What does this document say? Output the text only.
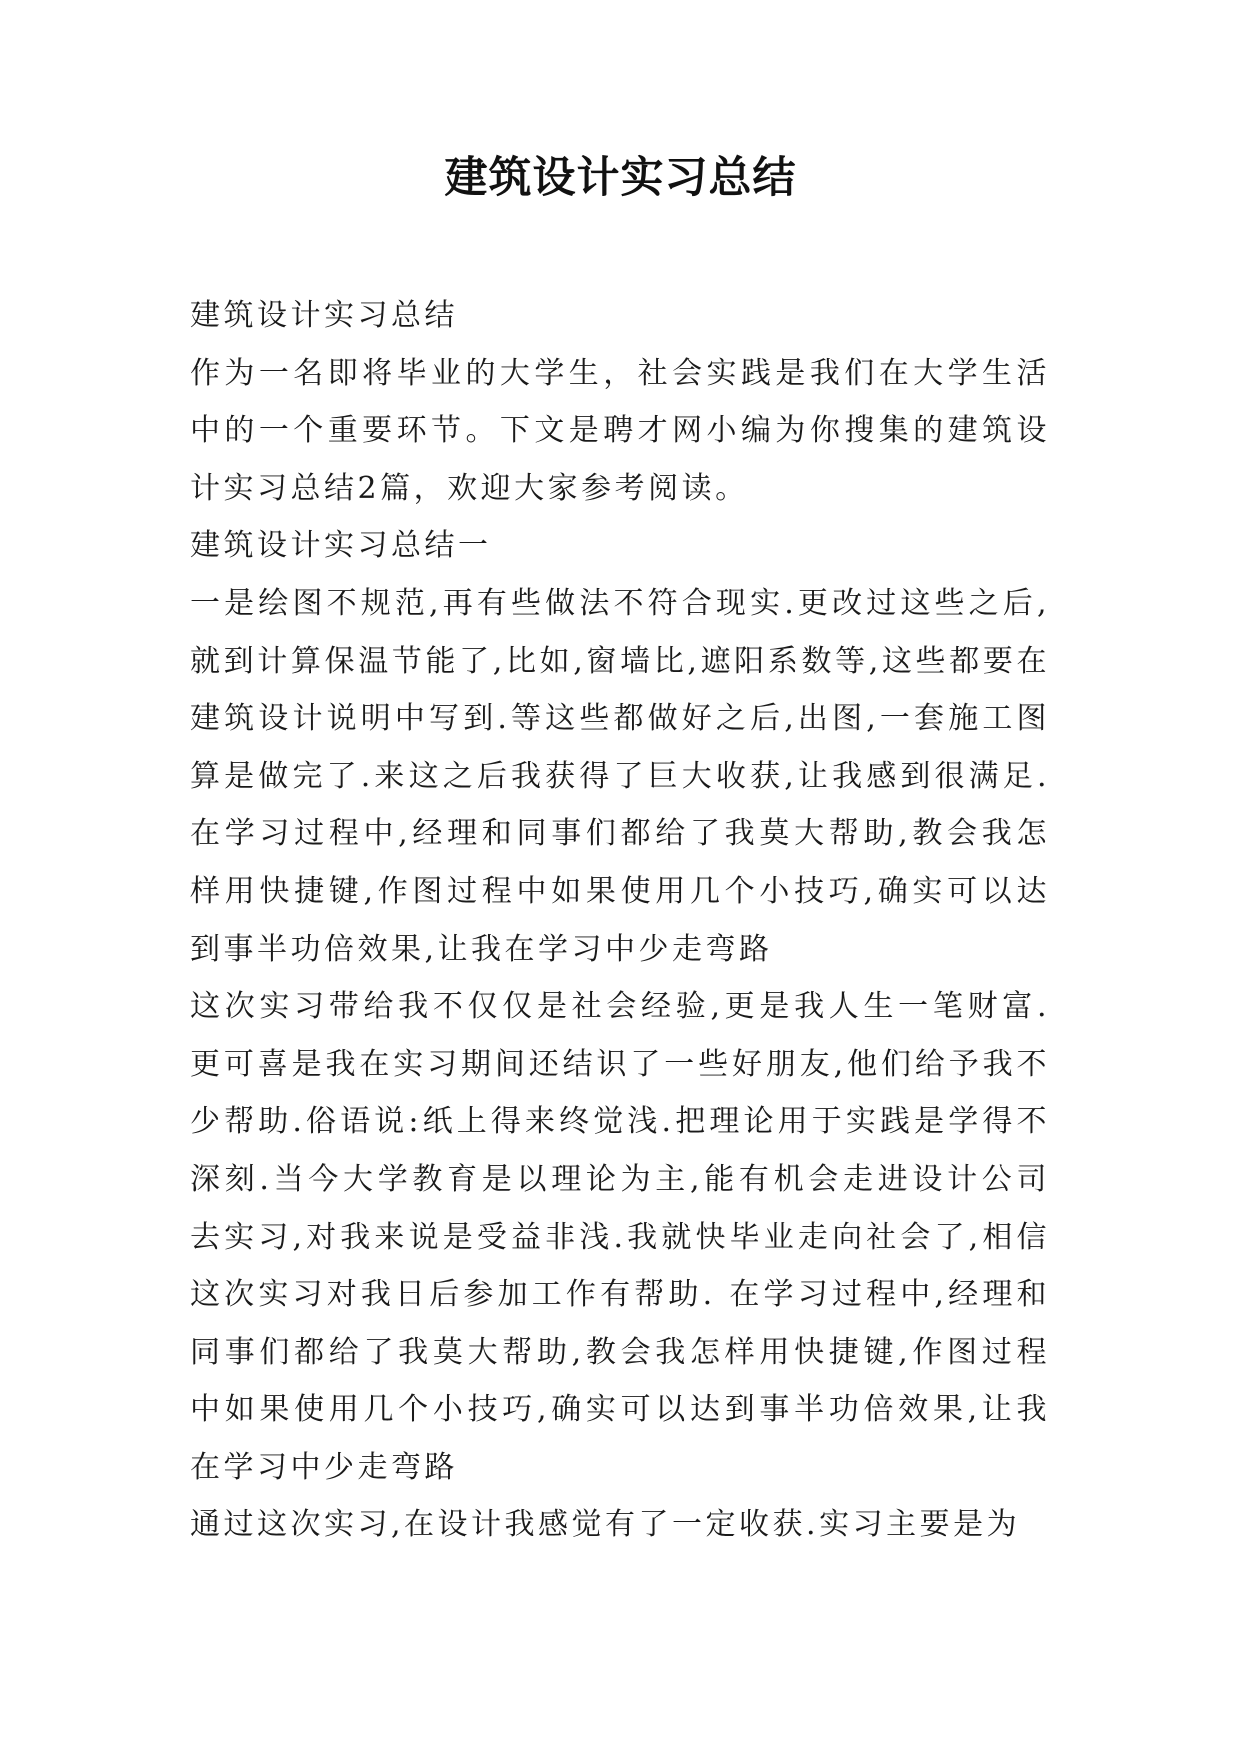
建筑设计实习总结

建筑设计实习总结

作为一名即将毕业的大学生，社会实践是我们在大学生活中的一个重要环节。下文是聘才网小编为你搜集的建筑设计实习总结2篇，欢迎大家参考阅读。

建筑设计实习总结一

一是绘图不规范,再有些做法不符合现实.更改过这些之后,就到计算保温节能了,比如,窗墙比,遮阳系数等,这些都要在建筑设计说明中写到.等这些都做好之后,出图,一套施工图算是做完了.来这之后我获得了巨大收获,让我感到很满足.在学习过程中,经理和同事们都给了我莫大帮助,教会我怎样用快捷键,作图过程中如果使用几个小技巧,确实可以达到事半功倍效果,让我在学习中少走弯路

这次实习带给我不仅仅是社会经验,更是我人生一笔财富.更可喜是我在实习期间还结识了一些好朋友,他们给予我不少帮助.俗语说:纸上得来终觉浅.把理论用于实践是学得不深刻.当今大学教育是以理论为主,能有机会走进设计公司去实习,对我来说是受益非浅.我就快毕业走向社会了,相信这次实习对我日后参加工作有帮助. 在学习过程中,经理和同事们都给了我莫大帮助,教会我怎样用快捷键,作图过程中如果使用几个小技巧,确实可以达到事半功倍效果,让我在学习中少走弯路

通过这次实习,在设计我感觉有了一定收获.实习主要是为
